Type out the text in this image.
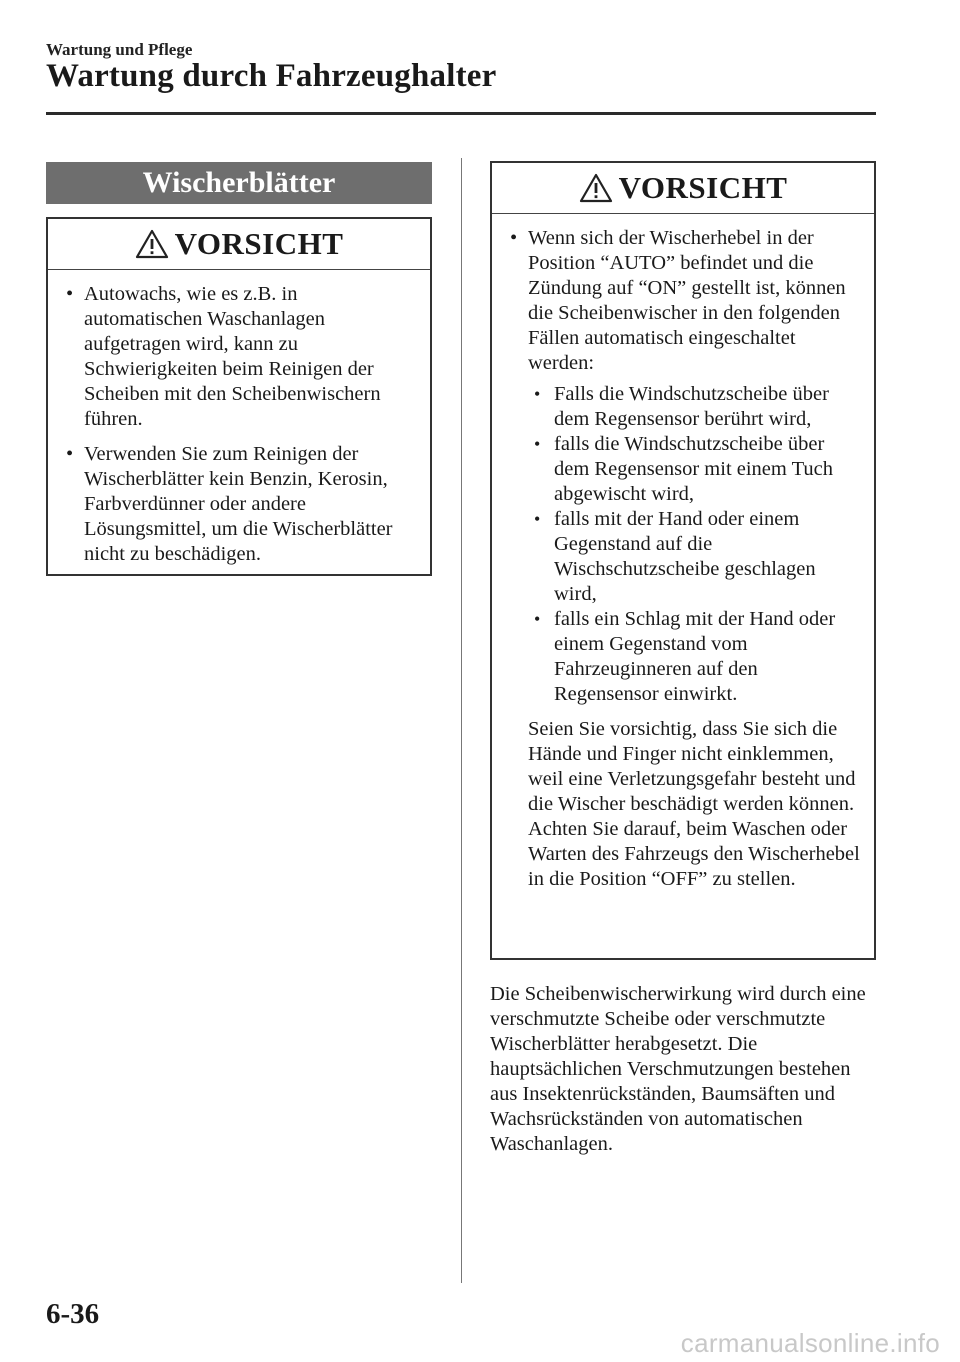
Wartung und Pflege
Wartung durch Fahrzeughalter
Wischerblätter
VORSICHT
• Autowachs, wie es z.B. in automatischen Waschanlagen aufgetragen wird, kann zu Schwierigkeiten beim Reinigen der Scheiben mit den Scheibenwischern führen.
• Verwenden Sie zum Reinigen der Wischerblätter kein Benzin, Kerosin, Farbverdünner oder andere Lösungsmittel, um die Wischerblätter nicht zu beschädigen.
VORSICHT
• Wenn sich der Wischerhebel in der Position “AUTO” befindet und die Zündung auf “ON” gestellt ist, können die Scheibenwischer in den folgenden Fällen automatisch eingeschaltet werden:
• Falls die Windschutzscheibe über dem Regensensor berührt wird,
• falls die Windschutzscheibe über dem Regensensor mit einem Tuch abgewischt wird,
• falls mit der Hand oder einem Gegenstand auf die Wischschutzscheibe geschlagen wird,
• falls ein Schlag mit der Hand oder einem Gegenstand vom Fahrzeuginneren auf den Regensensor einwirkt.
Seien Sie vorsichtig, dass Sie sich die Hände und Finger nicht einklemmen, weil eine Verletzungsgefahr besteht und die Wischer beschädigt werden können. Achten Sie darauf, beim Waschen oder Warten des Fahrzeugs den Wischerhebel in die Position “OFF” zu stellen.
Die Scheibenwischerwirkung wird durch eine verschmutzte Scheibe oder verschmutzte Wischerblätter herabgesetzt. Die hauptsächlichen Verschmutzungen bestehen aus Insektenrückständen, Baumsäften und Wachsrückständen von automatischen Waschanlagen.
6-36
carmanualsonline.info
